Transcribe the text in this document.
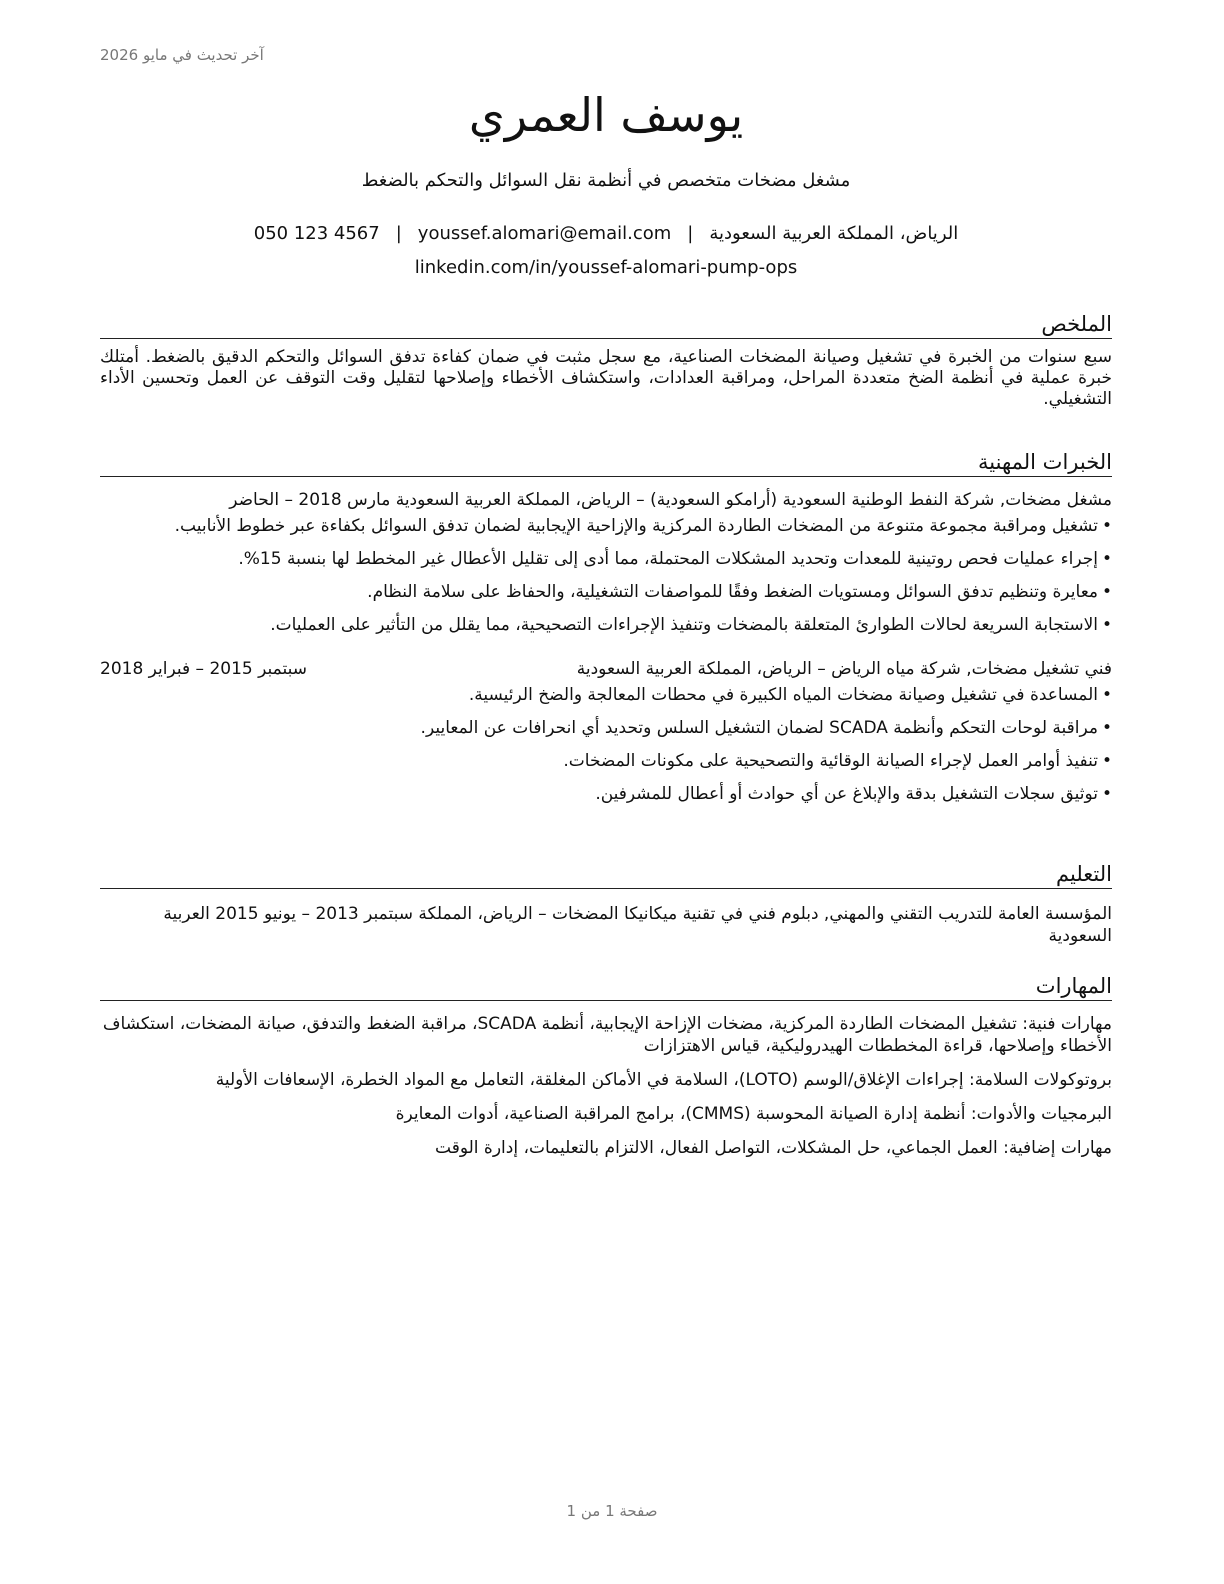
آخر تحديث في مايو 2026
يوسف العمري
مشغل مضخات متخصص في أنظمة نقل السوائل والتحكم بالضغط
الرياض، المملكة العربية السعودية|youssef.alomari@email.com|050 123 4567
linkedin.com/in/youssef-alomari-pump-ops
الملخص
سبع سنوات من الخبرة في تشغيل وصيانة المضخات الصناعية، مع سجل مثبت في ضمان كفاءة تدفق السوائل والتحكم الدقيق بالضغط. أمتلك خبرة عملية في أنظمة الضخ متعددة المراحل، ومراقبة العدادات، واستكشاف الأخطاء وإصلاحها لتقليل وقت التوقف عن العمل وتحسين الأداء التشغيلي.
الخبرات المهنية
مشغل مضخات, شركة النفط الوطنية السعودية (أرامكو السعودية) – الرياض، المملكة العربية السعودية مارس 2018 – الحاضر
•تشغيل ومراقبة مجموعة متنوعة من المضخات الطاردة المركزية والإزاحية الإيجابية لضمان تدفق السوائل بكفاءة عبر خطوط الأنابيب.
•إجراء عمليات فحص روتينية للمعدات وتحديد المشكلات المحتملة، مما أدى إلى تقليل الأعطال غير المخطط لها بنسبة 15%.
•معايرة وتنظيم تدفق السوائل ومستويات الضغط وفقًا للمواصفات التشغيلية، والحفاظ على سلامة النظام.
•الاستجابة السريعة لحالات الطوارئ المتعلقة بالمضخات وتنفيذ الإجراءات التصحيحية، مما يقلل من التأثير على العمليات.
فني تشغيل مضخات, شركة مياه الرياض – الرياض، المملكة العربية السعودية
سبتمبر 2015 – فبراير 2018
•المساعدة في تشغيل وصيانة مضخات المياه الكبيرة في محطات المعالجة والضخ الرئيسية.
•مراقبة لوحات التحكم وأنظمة SCADA لضمان التشغيل السلس وتحديد أي انحرافات عن المعايير.
•تنفيذ أوامر العمل لإجراء الصيانة الوقائية والتصحيحية على مكونات المضخات.
•توثيق سجلات التشغيل بدقة والإبلاغ عن أي حوادث أو أعطال للمشرفين.
التعليم
المؤسسة العامة للتدريب التقني والمهني, دبلوم فني في تقنية ميكانيكا المضخات – الرياض، المملكة سبتمبر 2013 – يونيو 2015 العربية السعودية
المهارات

مهارات فنية: تشغيل المضخات الطاردة المركزية، مضخات الإزاحة الإيجابية، أنظمة SCADA، مراقبة الضغط والتدفق، صيانة المضخات، استكشاف الأخطاء وإصلاحها، قراءة المخططات الهيدروليكية، قياس الاهتزازات

بروتوكولات السلامة: إجراءات الإغلاق/الوسم (LOTO)، السلامة في الأماكن المغلقة، التعامل مع المواد الخطرة، الإسعافات الأولية

البرمجيات والأدوات: أنظمة إدارة الصيانة المحوسبة (CMMS)، برامج المراقبة الصناعية، أدوات المعايرة

مهارات إضافية: العمل الجماعي، حل المشكلات، التواصل الفعال، الالتزام بالتعليمات، إدارة الوقت

صفحة 1 من 1
